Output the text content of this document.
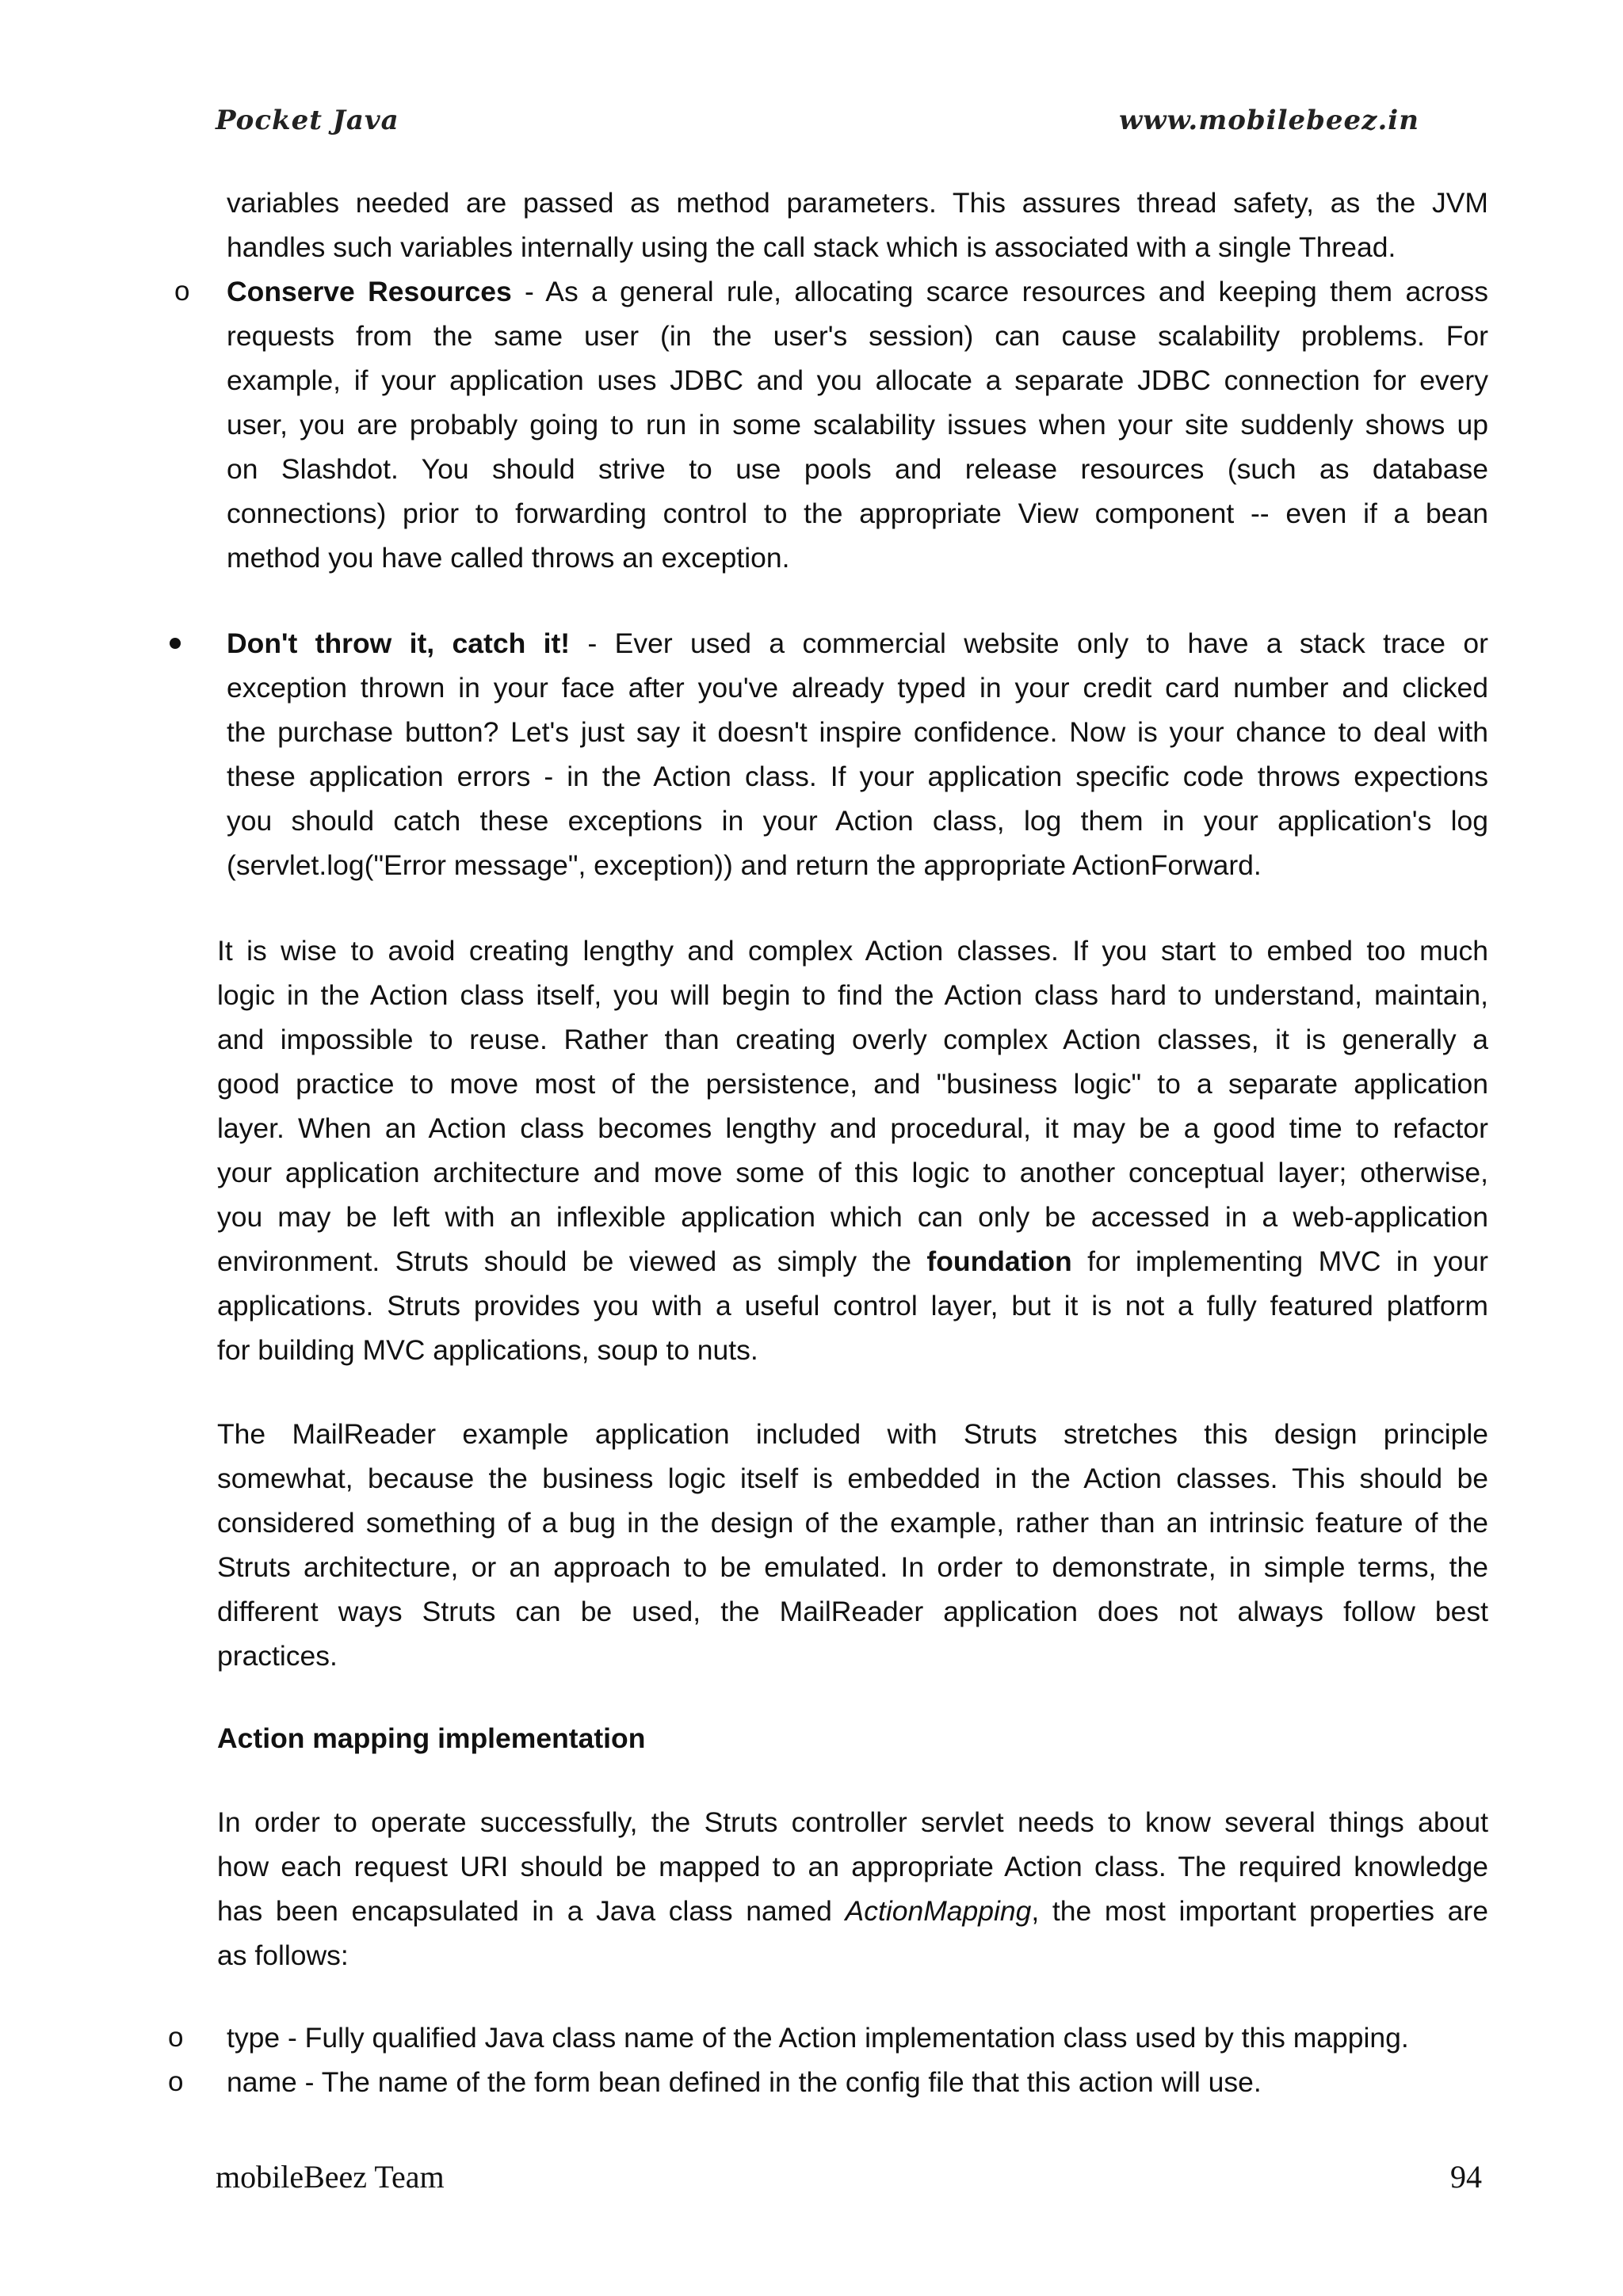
Pocket Java	www.mobilebeez.in
variables needed are passed as method parameters. This assures thread safety, as the JVM
handles such variables internally using the call stack which is associated with a single Thread.
o Conserve Resources - As a general rule, allocating scarce resources and keeping them across
requests from the same user (in the user's session) can cause scalability problems. For
example, if your application uses JDBC and you allocate a separate JDBC connection for every
user, you are probably going to run in some scalability issues when your site suddenly shows up
on Slashdot. You should strive to use pools and release resources (such as database
connections) prior to forwarding control to the appropriate View component -- even if a bean
method you have called throws an exception.
Don't throw it, catch it! - Ever used a commercial website only to have a stack trace or
exception thrown in your face after you've already typed in your credit card number and clicked
the purchase button? Let's just say it doesn't inspire confidence. Now is your chance to deal with
these application errors - in the Action class. If your application specific code throws expections
you should catch these exceptions in your Action class, log them in your application's log
(servlet.log("Error message", exception)) and return the appropriate ActionForward.
It is wise to avoid creating lengthy and complex Action classes. If you start to embed too much
logic in the Action class itself, you will begin to find the Action class hard to understand, maintain,
and impossible to reuse. Rather than creating overly complex Action classes, it is generally a
good practice to move most of the persistence, and "business logic" to a separate application
layer. When an Action class becomes lengthy and procedural, it may be a good time to refactor
your application architecture and move some of this logic to another conceptual layer; otherwise,
you may be left with an inflexible application which can only be accessed in a web-application
environment. Struts should be viewed as simply the foundation for implementing MVC in your
applications. Struts provides you with a useful control layer, but it is not a fully featured platform
for building MVC applications, soup to nuts.
The MailReader example application included with Struts stretches this design principle
somewhat, because the business logic itself is embedded in the Action classes. This should be
considered something of a bug in the design of the example, rather than an intrinsic feature of the
Struts architecture, or an approach to be emulated. In order to demonstrate, in simple terms, the
different ways Struts can be used, the MailReader application does not always follow best
practices.
Action mapping implementation
In order to operate successfully, the Struts controller servlet needs to know several things about
how each request URI should be mapped to an appropriate Action class. The required knowledge
has been encapsulated in a Java class named ActionMapping, the most important properties are
as follows:
o type - Fully qualified Java class name of the Action implementation class used by this mapping.
o name - The name of the form bean defined in the config file that this action will use.
mobileBeez Team	94
